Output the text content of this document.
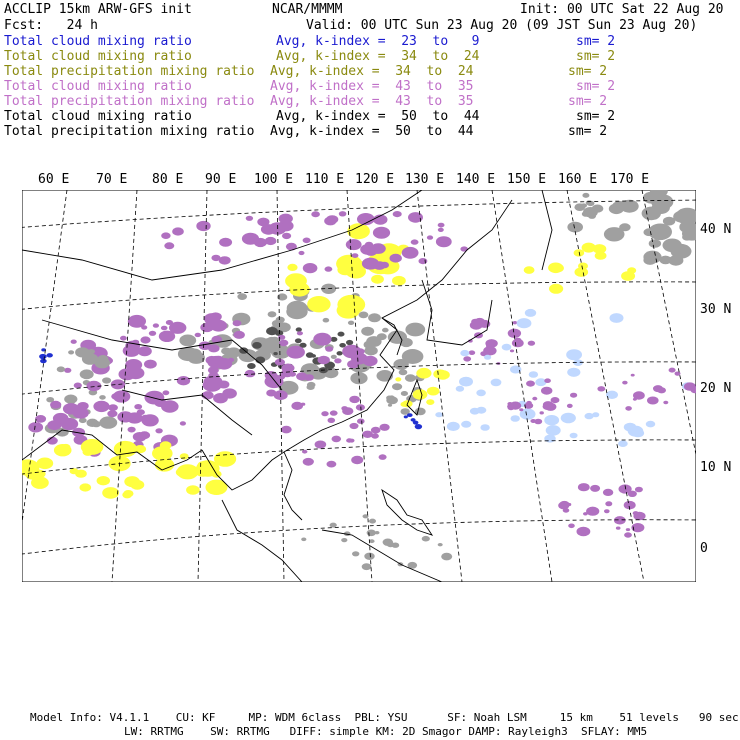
ACCLIP 15km ARW-GFS init	NCAR/MMMM	Init: 00 UTC Sat 22 Aug 20
Fcst:   24 h	Valid: 00 UTC Sun 23 Aug 20 (09 JST Sun 23 Aug 20)
Total cloud mixing ratio	Avg, k-index =  23  to   9	sm= 2
Total cloud mixing ratio	Avg, k-index =  34  to  24	sm= 2
Total precipitation mixing ratio Avg, k-index =  34  to  24	sm= 2
Total cloud mixing ratio	Avg, k-index =  43  to  35	sm= 2
Total precipitation mixing ratio Avg, k-index =  43  to  35	sm= 2
Total cloud mixing ratio	Avg, k-index =  50  to  44	sm= 2
Total precipitation mixing ratio Avg, k-index =  50  to  44	sm= 2
60 E 70 E 80 E 90 E 100 E 110 E 120 E 130 E 140 E 150 E 160 E 170 E
40 N
30 N
20 N
10 N
0
Model Info: V4.1.1    CU: KF     MP: WDM 6class  PBL: YSU      SF: Noah LSM     15 km    51 levels   90 sec
LW: RRTMG    SW: RRTMG   DIFF: simple KM: 2D Smagor DAMP: Rayleigh3  SFLAY: MM5
